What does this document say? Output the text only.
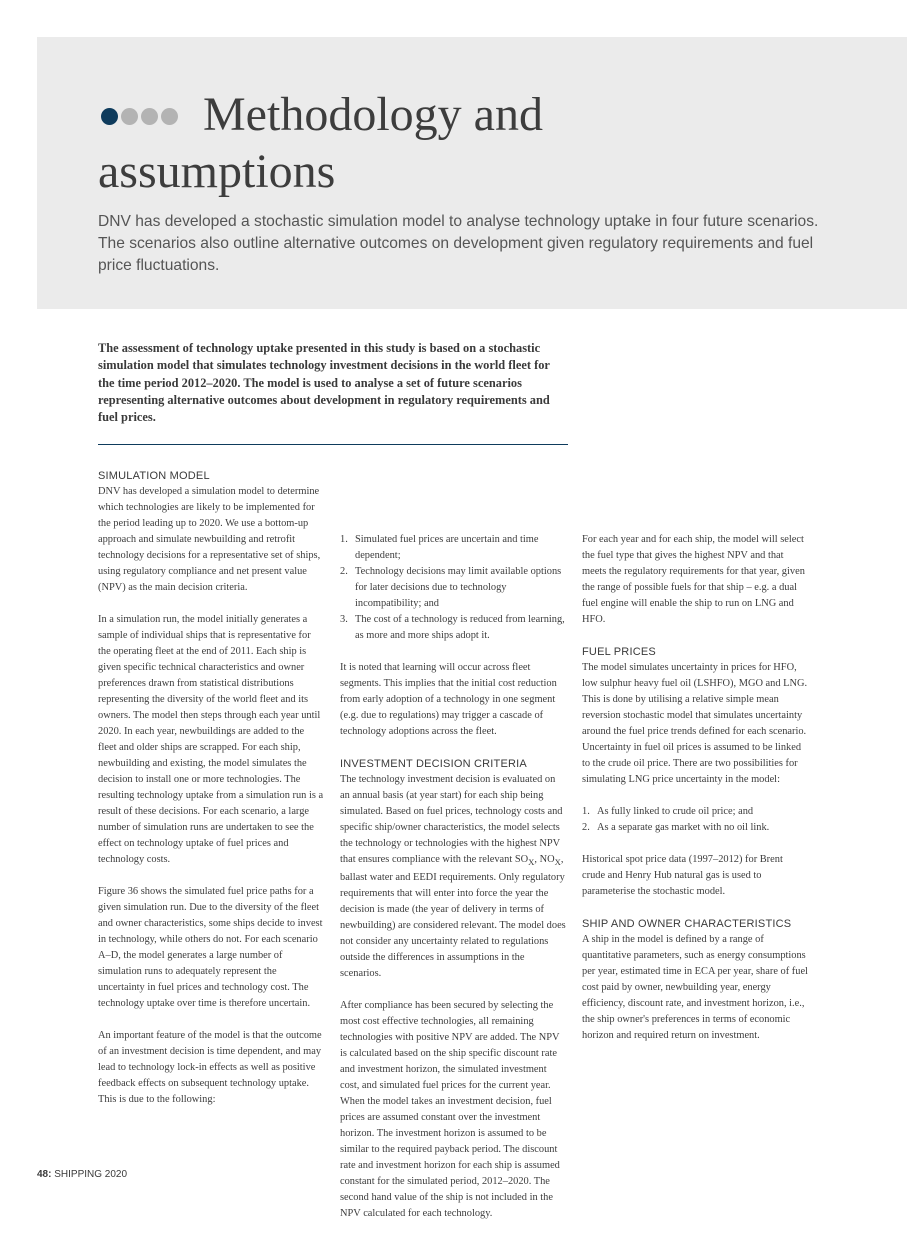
Methodology and
assumptions

DNV has developed a stochastic simulation model to analyse technology uptake in four future scenarios. The scenarios also outline alternative outcomes on development given regulatory requirements and fuel price fluctuations.

The assessment of technology uptake presented in this study is based on a stochastic simulation model that simulates technology investment decisions in the world fleet for the time period 2012–2020. The model is used to analyse a set of future scenarios representing alternative outcomes about development in regulatory requirements and fuel prices.

SIMULATION MODEL

DNV has developed a simulation model to determine which technologies are likely to be implemented for the period leading up to 2020. We use a bottom-up approach and simulate newbuilding and retrofit technology decisions for a representative set of ships, using regulatory compliance and net present value (NPV) as the main decision criteria.

In a simulation run, the model initially generates a sample of individual ships that is representative for the operating fleet at the end of 2011. Each ship is given specific technical characteristics and owner preferences drawn from statistical distributions representing the diversity of the world fleet and its owners. The model then steps through each year until 2020. In each year, newbuildings are added to the fleet and older ships are scrapped. For each ship, newbuilding and existing, the model simulates the decision to install one or more technologies. The resulting technology uptake from a simulation run is a result of these decisions. For each scenario, a large number of simulation runs are undertaken to see the effect on technology uptake of fuel prices and technology costs.

Figure 36 shows the simulated fuel price paths for a given simulation run. Due to the diversity of the fleet and owner characteristics, some ships decide to invest in technology, while others do not. For each scenario A–D, the model generates a large number of simulation runs to adequately represent the uncertainty in fuel prices and technology cost. The technology uptake over time is therefore uncertain.

An important feature of the model is that the outcome of an investment decision is time dependent, and may lead to technology lock-in effects as well as positive feedback effects on subsequent technology uptake. This is due to the following:

1. Simulated fuel prices are uncertain and time dependent;
2. Technology decisions may limit available options for later decisions due to technology incompatibility; and
3. The cost of a technology is reduced from learning, as more and more ships adopt it.

It is noted that learning will occur across fleet segments. This implies that the initial cost reduction from early adoption of a technology in one segment (e.g. due to regulations) may trigger a cascade of technology adoptions across the fleet.

INVESTMENT DECISION CRITERIA

The technology investment decision is evaluated on an annual basis (at year start) for each ship being simulated. Based on fuel prices, technology costs and specific ship/owner characteristics, the model selects the technology or technologies with the highest NPV that ensures compliance with the relevant $SO_X$, $NO_X$, ballast water and EEDI requirements. Only regulatory requirements that will enter into force the year the decision is made (the year of delivery in terms of newbuilding) are considered relevant. The model does not consider any uncertainty related to regulations outside the differences in assumptions in the scenarios.

After compliance has been secured by selecting the most cost effective technologies, all remaining technologies with positive NPV are added. The NPV is calculated based on the ship specific discount rate and investment horizon, the simulated investment cost, and simulated fuel prices for the current year. When the model takes an investment decision, fuel prices are assumed constant over the investment horizon. The investment horizon is assumed to be similar to the required payback period. The discount rate and investment horizon for each ship is assumed constant for the simulated period, 2012–2020. The second hand value of the ship is not included in the NPV calculated for each technology.

For each year and for each ship, the model will select the fuel type that gives the highest NPV and that meets the regulatory requirements for that year, given the range of possible fuels for that ship – e.g. a dual fuel engine will enable the ship to run on LNG and HFO.

FUEL PRICES

The model simulates uncertainty in prices for HFO, low sulphur heavy fuel oil (LSHFO), MGO and LNG. This is done by utilising a relative simple mean reversion stochastic model that simulates uncertainty around the fuel price trends defined for each scenario. Uncertainty in fuel oil prices is assumed to be linked to the crude oil price. There are two possibilities for simulating LNG price uncertainty in the model:

1. As fully linked to crude oil price; and
2. As a separate gas market with no oil link.

Historical spot price data (1997–2012) for Brent crude and Henry Hub natural gas is used to parameterise the stochastic model.

SHIP AND OWNER CHARACTERISTICS

A ship in the model is defined by a range of quantitative parameters, such as energy consumptions per year, estimated time in ECA per year, share of fuel cost paid by owner, newbuilding year, energy efficiency, discount rate, and investment horizon, i.e., the ship owner's preferences in terms of economic horizon and required return on investment.

48: SHIPPING 2020
